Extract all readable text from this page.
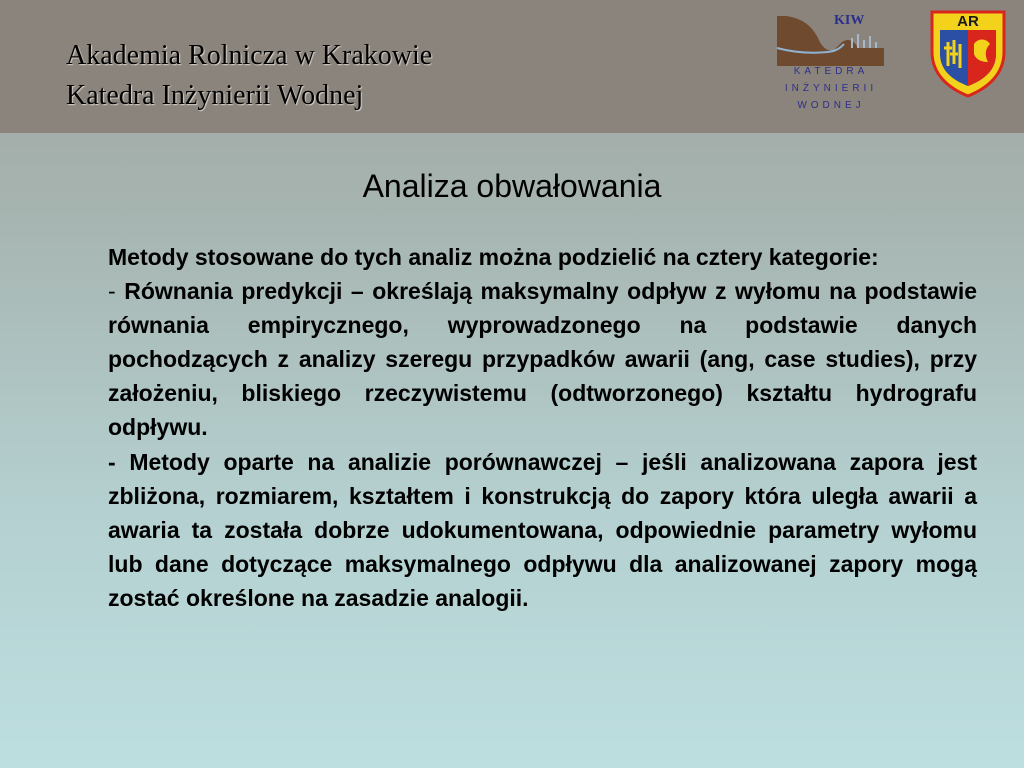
Akademia Rolnicza w Krakowie
Katedra Inżynierii Wodnej
KIW
KATEDRA
INŻYNIERII
WODNEJ
AR
Analiza obwałowania

Metody stosowane do tych analiz można podzielić na cztery kategorie:

- Równania predykcji – określają maksymalny odpływ z wyłomu na podstawie równania empirycznego, wyprowadzonego na podstawie danych pochodzących z analizy szeregu przypadków awarii (ang, case studies), przy założeniu, bliskiego rzeczywistemu (odtworzonego) kształtu hydrografu odpływu.

- Metody oparte na analizie porównawczej – jeśli analizowana zapora jest zbliżona, rozmiarem, kształtem i konstrukcją do zapory która uległa awarii a awaria ta została dobrze udokumentowana, odpowiednie parametry wyłomu lub dane dotyczące maksymalnego odpływu dla analizowanej zapory mogą zostać określone na zasadzie analogii.
